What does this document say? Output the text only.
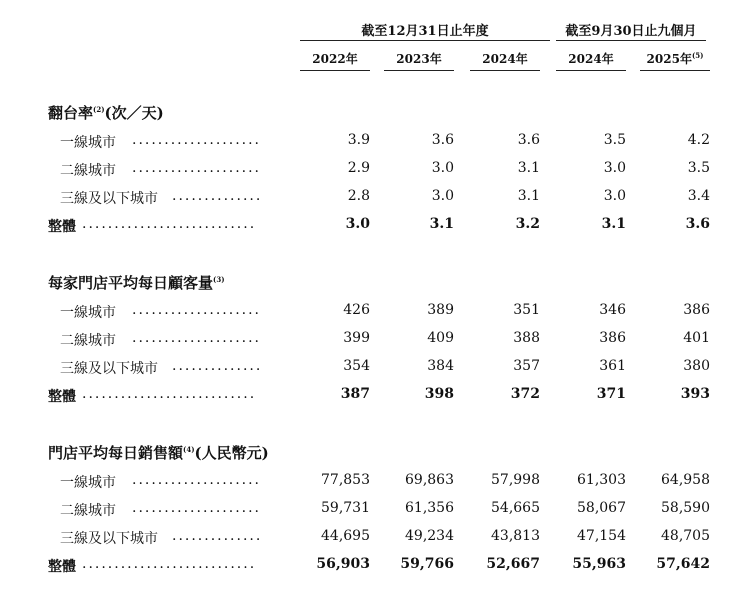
截至12月31日止年度	截至9月30日止九個月
2022年	2023年	2024年	2024年	2025年$^{(5)}$
翻台率$^{(2)}$(次／天)
一線城市 ....................	3.9	3.6	3.6	3.5	4.2
二線城市 ....................	2.9	3.0	3.1	3.0	3.5
三線及以下城市 ..............	2.8	3.0	3.1	3.0	3.4
整體 ...........................	3.0	3.1	3.2	3.1	3.6
每家門店平均每日顧客量$^{(3)}$
一線城市 ....................	426	389	351	346	386
二線城市 ....................	399	409	388	386	401
三線及以下城市 ..............	354	384	357	361	380
整體 ...........................	387	398	372	371	393
門店平均每日銷售額$^{(4)}$(人民幣元)
一線城市 ....................	77,853	69,863	57,998	61,303	64,958
二線城市 ....................	59,731	61,356	54,665	58,067	58,590
三線及以下城市 ..............	44,695	49,234	43,813	47,154	48,705
整體 ...........................	56,903	59,766	52,667	55,963	57,642
